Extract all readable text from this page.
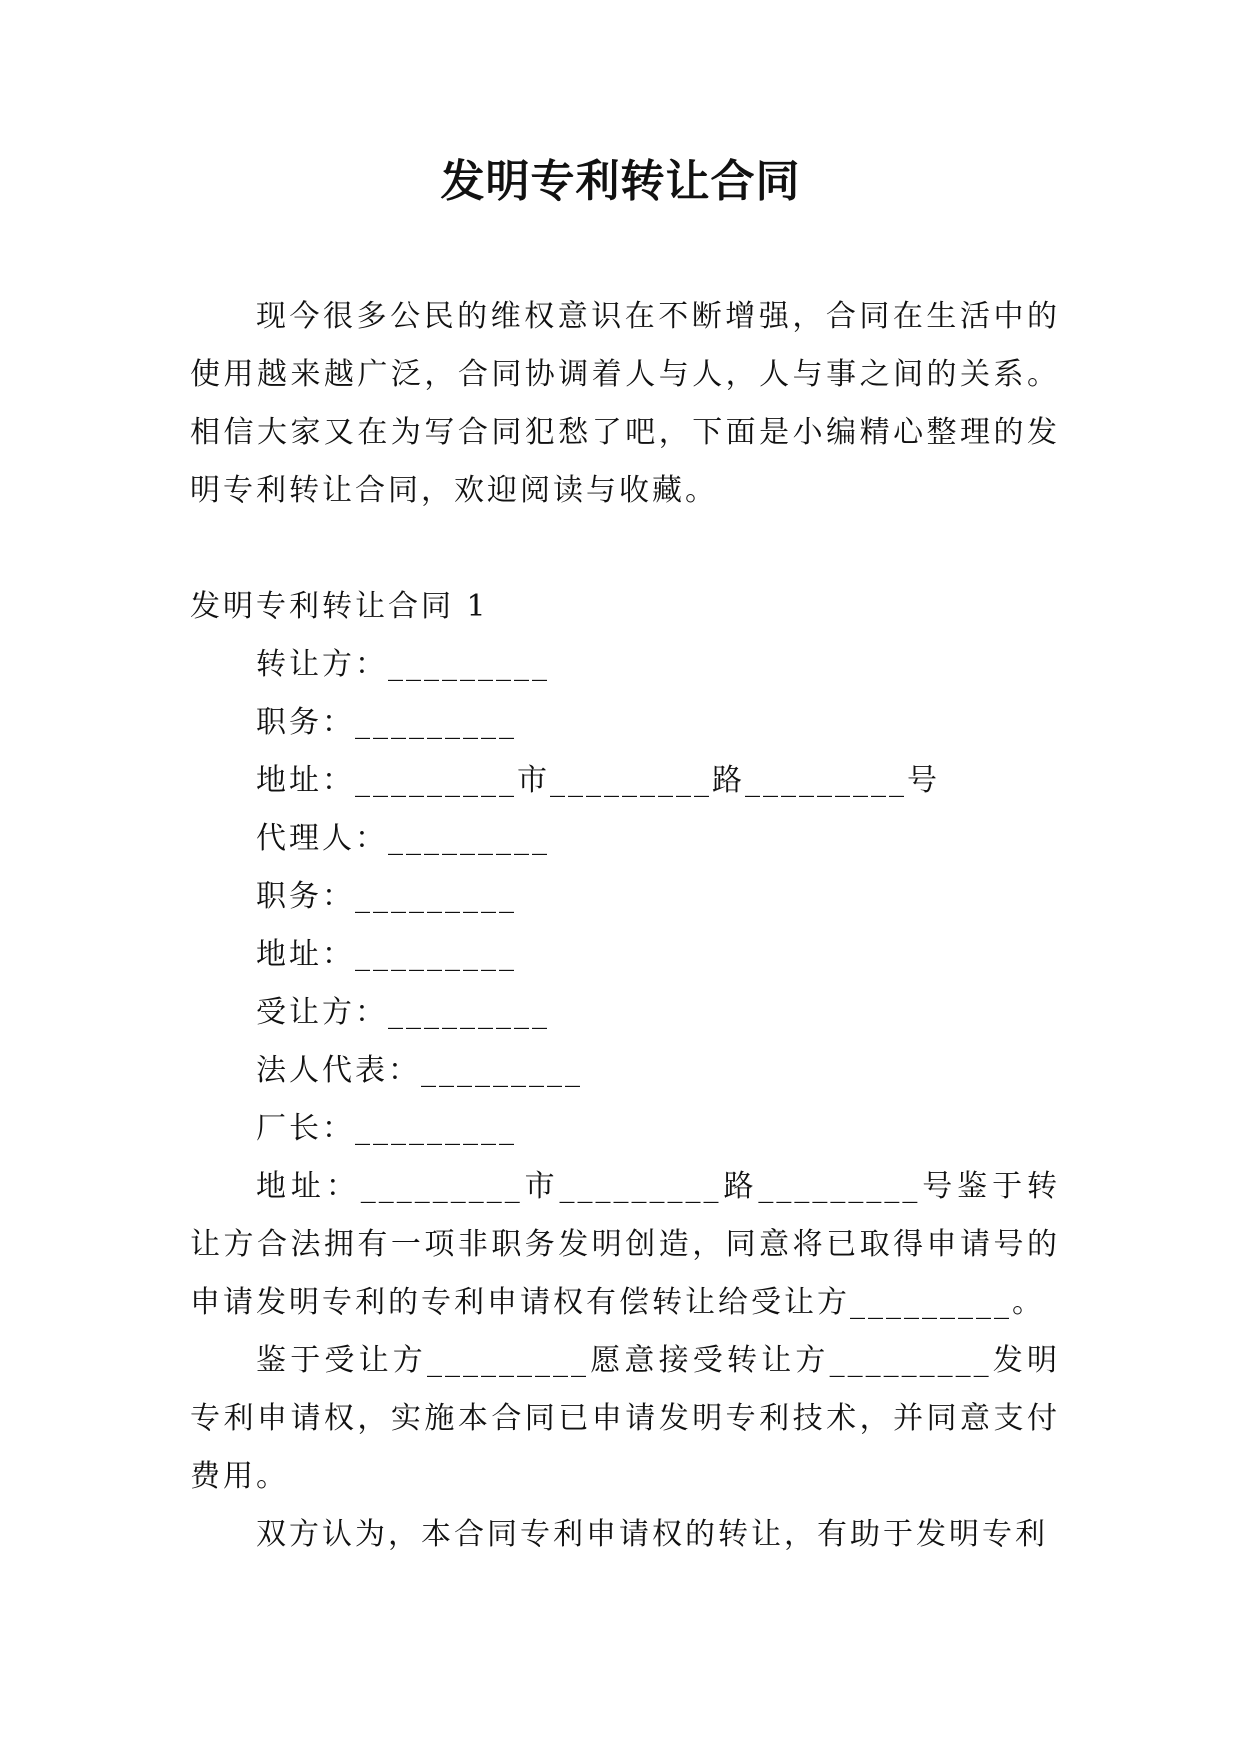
发明专利转让合同

现今很多公民的维权意识在不断增强，合同在生活中的使用越来越广泛，合同协调着人与人，人与事之间的关系。相信大家又在为写合同犯愁了吧，下面是小编精心整理的发明专利转让合同，欢迎阅读与收藏。

发明专利转让合同 1

转让方：_________

职务：_________

地址：_________市_________路_________号

代理人：_________

职务：_________

地址：_________

受让方：_________

法人代表：_________

厂长：_________

地址：_________市_________路_________号鉴于转让方合法拥有一项非职务发明创造，同意将已取得申请号的申请发明专利的专利申请权有偿转让给受让方_________。

鉴于受让方_________愿意接受转让方_________发明专利申请权，实施本合同已申请发明专利技术，并同意支付费用。

双方认为，本合同专利申请权的转让，有助于发明专利
